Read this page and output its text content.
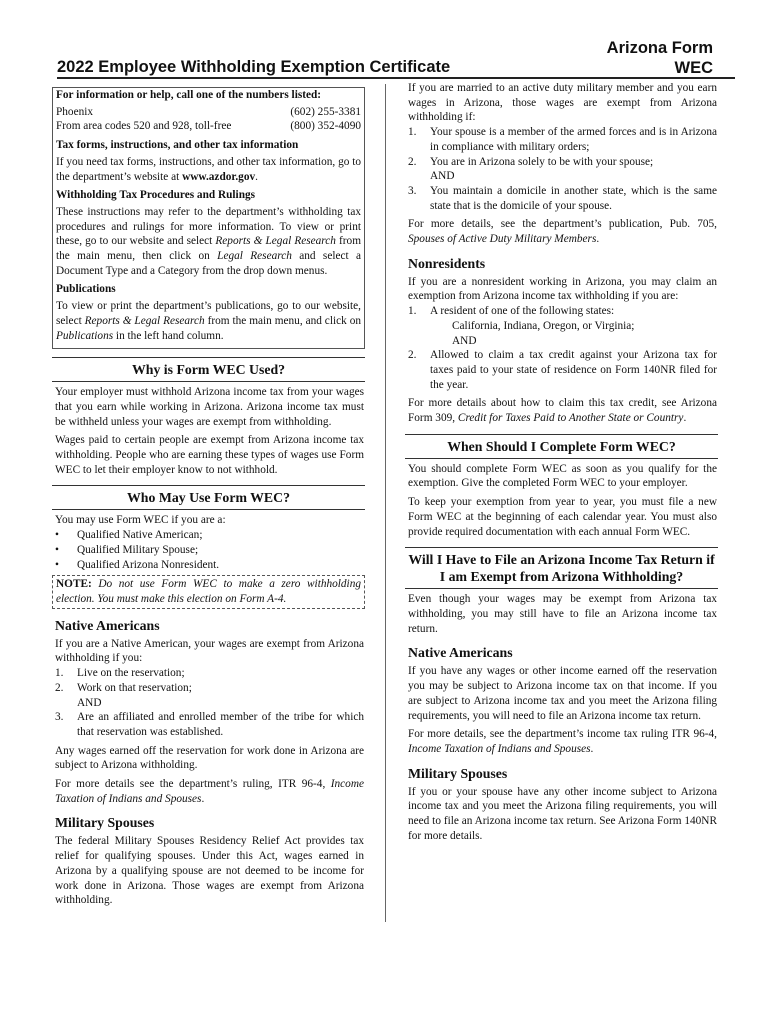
2022 Employee Withholding Exemption Certificate
Arizona Form
WEC

For information or help, call one of the numbers listed:

Phoenix	(602) 255-3381
From area codes 520 and 928, toll-free	(800) 352-4090

Tax forms, instructions, and other tax information

If you need tax forms, instructions, and other tax information, go to the department’s website at www.azdor.gov.

Withholding Tax Procedures and Rulings

These instructions may refer to the department’s withholding tax procedures and rulings for more information. To view or print these, go to our website and select Reports & Legal Research from the main menu, then click on Legal Research and select a Document Type and a Category from the drop down menus.

Publications

To view or print the department’s publications, go to our website, select Reports & Legal Research from the main menu, and click on Publications in the left hand column.

Why is Form WEC Used?

Your employer must withhold Arizona income tax from your wages that you earn while working in Arizona. Arizona income tax must be withheld unless your wages are exempt from withholding.

Wages paid to certain people are exempt from Arizona income tax withholding. People who are earning these types of wages use Form WEC to let their employer know to not withhold.

Who May Use Form WEC?

You may use Form WEC if you are a:

•	Qualified Native American;
•	Qualified Military Spouse;
•	Qualified Arizona Nonresident.

NOTE: Do not use Form WEC to make a zero withholding election. You must make this election on Form A-4.

Native Americans

If you are a Native American, your wages are exempt from Arizona withholding if you:

1.	Live on the reservation;
2.	Work on that reservation;
AND
3.	Are an affiliated and enrolled member of the tribe for which that reservation was established.

Any wages earned off the reservation for work done in Arizona are subject to Arizona withholding.

For more details see the department’s ruling, ITR 96-4, Income Taxation of Indians and Spouses.

Military Spouses

The federal Military Spouses Residency Relief Act provides tax relief for qualifying spouses. Under this Act, wages earned in Arizona by a qualifying spouse are not deemed to be income for work done in Arizona. Those wages are exempt from Arizona withholding.

If you are married to an active duty military member and you earn wages in Arizona, those wages are exempt from Arizona withholding if:

1.	Your spouse is a member of the armed forces and is in Arizona in compliance with military orders;
2.	You are in Arizona solely to be with your spouse;
AND
3.	You maintain a domicile in another state, which is the same state that is the domicile of your spouse.

For more details, see the department’s publication, Pub. 705, Spouses of Active Duty Military Members.

Nonresidents

If you are a nonresident working in Arizona, you may claim an exemption from Arizona income tax withholding if you are:

1.	A resident of one of the following states:
California, Indiana, Oregon, or Virginia;
AND
2.	Allowed to claim a tax credit against your Arizona tax for taxes paid to your state of residence on Form 140NR filed for the year.

For more details about how to claim this tax credit, see Arizona Form 309, Credit for Taxes Paid to Another State or Country.

When Should I Complete Form WEC?

You should complete Form WEC as soon as you qualify for the exemption. Give the completed Form WEC to your employer.

To keep your exemption from year to year, you must file a new Form WEC at the beginning of each calendar year. You must also provide required documentation with each annual Form WEC.

Will I Have to File an Arizona Income Tax Return if I am Exempt from Arizona Withholding?

Even though your wages may be exempt from Arizona tax withholding, you may still have to file an Arizona income tax return.

Native Americans

If you have any wages or other income earned off the reservation you may be subject to Arizona income tax on that income. If you are subject to Arizona income tax and you meet the Arizona filing requirements, you will need to file an Arizona income tax return.

For more details, see the department’s income tax ruling ITR 96-4, Income Taxation of Indians and Spouses.

Military Spouses

If you or your spouse have any other income subject to Arizona income tax and you meet the Arizona filing requirements, you will need to file an Arizona income tax return. See Arizona Form 140NR for more details.
